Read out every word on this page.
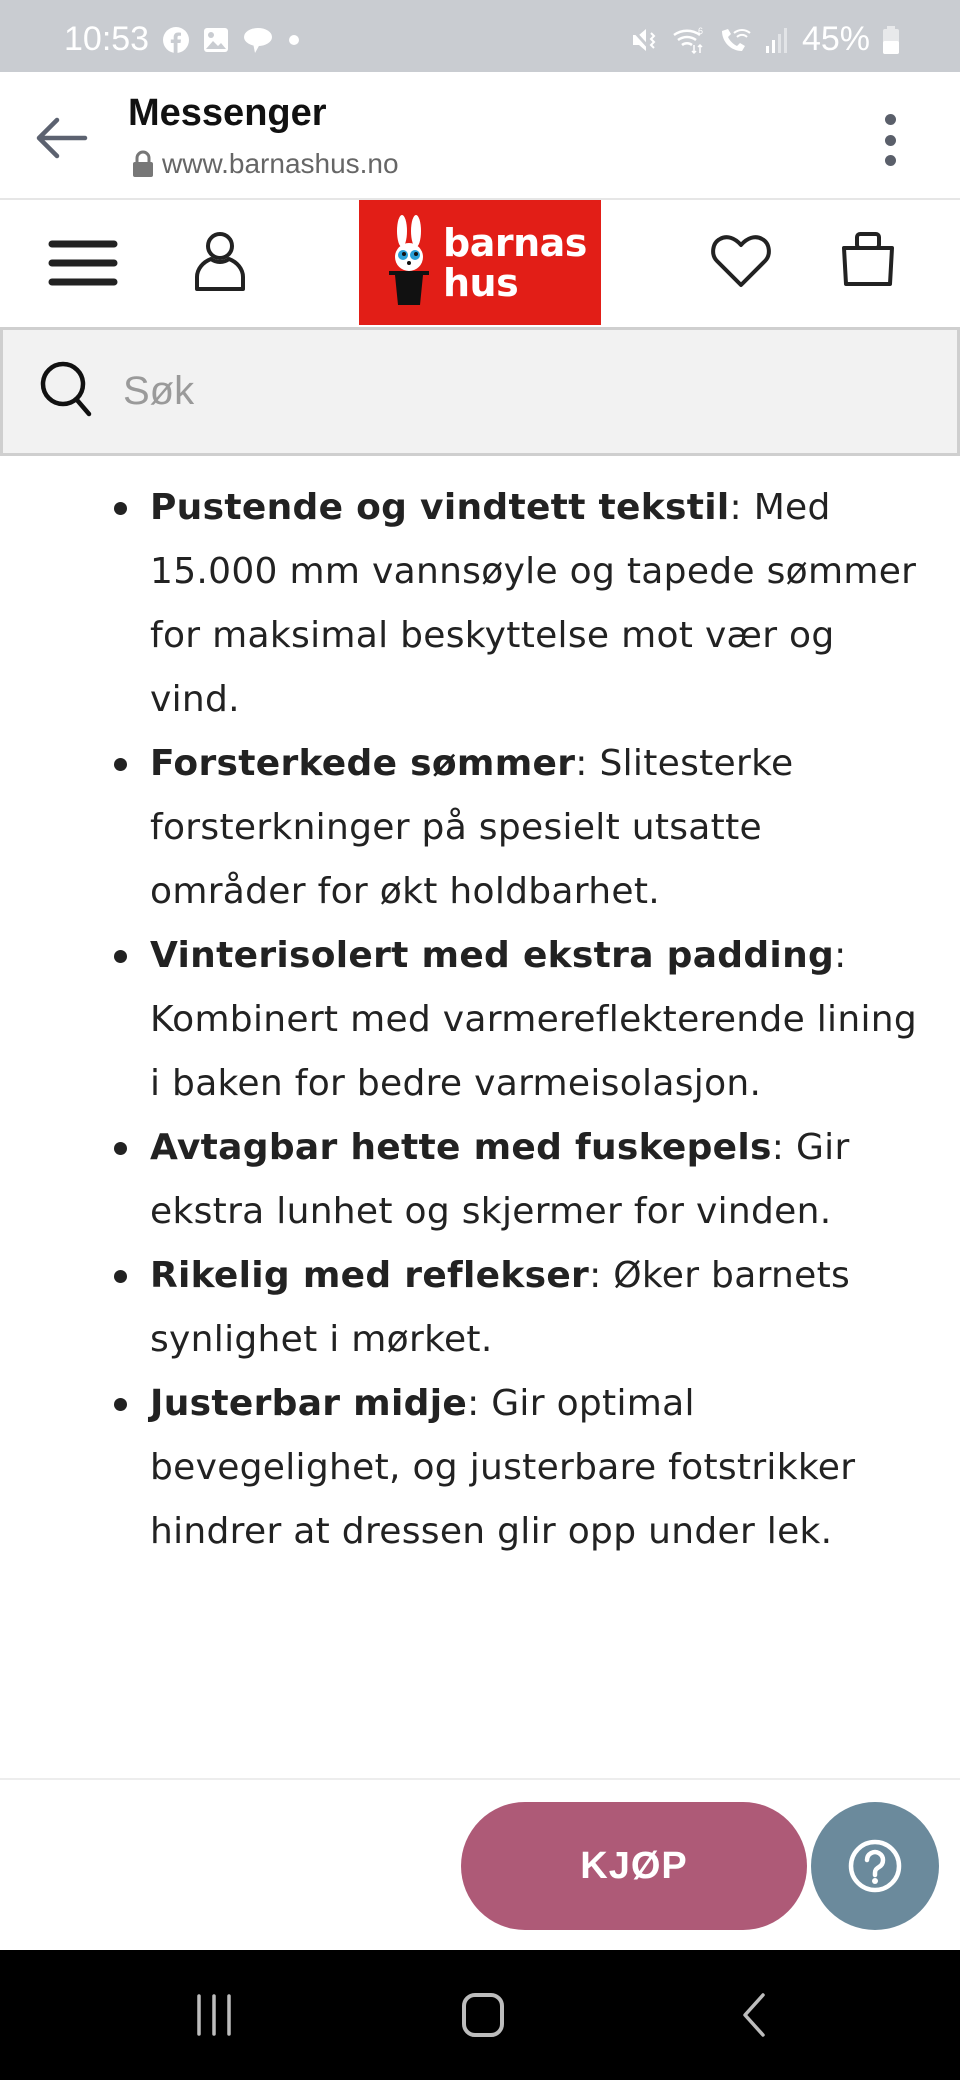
10:53	6	45%
Messenger
www.barnashus.no
barnas
hus
Søk
Pustende og vindtett tekstil: Med 15.000 mm vannsøyle og tapede sømmer for maksimal beskyttelse mot vær og vind.
Forsterkede sømmer: Slitesterke forsterkninger på spesielt utsatte områder for økt holdbarhet.
Vinterisolert med ekstra padding: Kombinert med varmereflekterende lining i baken for bedre varmeisolasjon.
Avtagbar hette med fuskepels: Gir ekstra lunhet og skjermer for vinden.
Rikelig med reflekser: Øker barnets synlighet i mørket.
Justerbar midje: Gir optimal bevegelighet, og justerbare fotstrikker hindrer at dressen glir opp under lek.
KJØP
